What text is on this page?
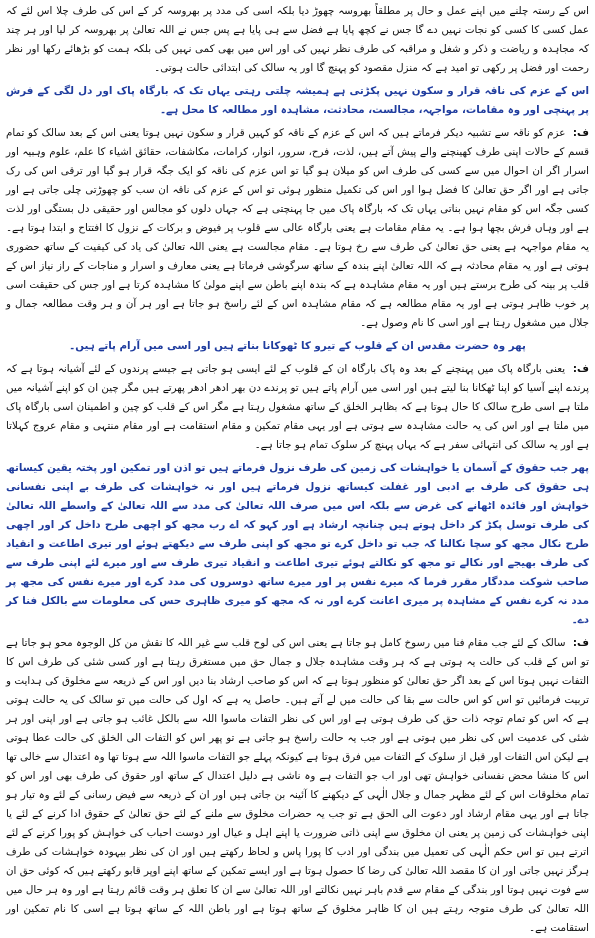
اس کے رستہ چلنے میں اپنے عمل و حال پر مطلقاً بھروسہ چھوڑ دیا بلکہ اسی کی مدد پر بھروسہ کر کے اس کی طرف چلا اس لئے کہ عمل کسی کا کسی کو نجات نہیں دے گا جس نے کچھ پایا ہے فضل سے ہی پایا ہے پس جس نے اللہ تعالیٰ پر بھروسہ کر لیا اور ہر چند کہ مجاہدہ و ریاضت و ذکر و شغل و مراقبہ کی طرف نظر نہیں کی اور اس میں بھی کمی نہیں کی بلکہ ہمت کو بڑھائے رکھا اور نظر رحمت اور فضل پر رکھی تو امید ہے کہ منزل مقصود کو پہنچ گا اور یہ سالک کی ابتدائی حالت ہوتی۔

اس کے عزم کی ناقہ قرار و سکون نہیں پکڑتی ہے ہمیشہ چلتی رہتی یہاں تک کہ بارگاہ پاک اور دل لگی کے فرش پر پہنچی اور وہ مقامات، مواجہہ، مجالست، محادثت، مشاہدہ اور مطالعہ کا محل ہے۔

ف: عزم کو ناقہ سے تشبیہ دیکر فرماتے ہیں کہ اس کے عزم کے ناقہ کو کہیں قرار و سکون نہیں ہوتا یعنی اس کے بعد سالک کو تمام قسم کے حالات اپنی طرف کھینچنے والے پیش آتے ہیں، لذت، فرح، سرور، انوار، کرامات، مکاشفات، حقائق اشیاء کا علم، علوم وہبیہ اور اسرار اگر ان احوال میں سے کسی کی طرف اس کو میلان ہو گیا تو اس عزم کی ناقہ کو ایک جگہ قرار ہو گیا اور ترقی اس کی رک جاتی ہے اور اگر حق تعالیٰ کا فضل ہوا اور اس کی تکمیل منظور ہوئی تو اس کے عزم کی ناقہ ان سب کو چھوڑتی چلی جاتی ہے اور کسی جگہ اس کو مقام نہیں بناتی یہاں تک کہ بارگاہ پاک میں جا پہنچتی ہے کہ جہاں دلوں کو مجالس اور حقیقی دل بستگی اور لذت ہے اور وہاں فرش بچھا ہوا ہے۔ یہ مقام مقامات ہے یعنی بارگاہ عالی سے قلوب پر فیوض و برکات کے نزول کا افتتاح و ابتدا ہوتا ہے۔ یہ مقام مواجہہ ہے یعنی حق تعالیٰ کی طرف سے رخ ہوتا ہے۔ مقام مجالست ہے یعنی اللہ تعالیٰ کی یاد کی کیفیت کے ساتھ حضوری ہوتی ہے اور یہ مقام محادثہ ہے کہ اللہ تعالیٰ اپنے بندہ کے ساتھ سرگوشی فرماتا ہے یعنی معارف و اسرار و مناجات کے راز نیاز اس کے قلب پر بینہ کی طرح برستے ہیں اور یہ مقام مشاہدہ ہے کہ بندہ اپنے باطن سے اپنے مولیٰ کا مشاہدہ کرتا ہے اور جس کی حقیقت اسی پر خوب ظاہر ہوتی ہے اور یہ مقام مطالعہ ہے کہ مقام مشاہدہ اس کے لئے راسخ ہو جاتا ہے اور ہر آن و ہر وقت مطالعہ جمال و جلال میں مشغول رہتا ہے اور اسی کا نام وصول ہے۔

پھر وہ حضرت مقدس ان کے قلوب کے تیرو کا ٹھوکانا بناتے ہیں اور اسی میں آرام پاتے ہیں۔

ف: یعنی بارگاہ پاک میں پہنچنے کے بعد وہ پاک بارگاہ ان کے قلوب کے لئے ایسی ہو جاتی ہے جیسے پرندوں کے لئے آشیانہ ہوتا ہے کہ پرندے اپنے آسیا کو اپنا ٹھکانا بنا لیتے ہیں اور اسی میں آرام پاتے ہیں تو پرندے دن بھر ادھر ادھر پھرتے ہیں مگر چین ان کو اپنے آشیانہ میں ملتا ہے اسی طرح سالک کا حال ہوتا ہے کہ بظاہر الخلق کے ساتھ مشغول رہتا ہے مگر اس کے قلب کو چین و اطمینان اسی بارگاہ پاک میں ملتا ہے اور اس کی یہ حالت مشاہدہ سے ہوتی ہے اور یہی مقام تمکین و مقام استقامت ہے اور مقام منتہی و مقام عروج کہلاتا ہے اور یہ سالک کی انتہائی سفر ہے کہ یہاں پہنچ کر سلوک تمام ہو جاتا ہے۔

پھر جب حقوق کے آسمان یا خواہشات کی زمین کی طرف نزول فرماتے ہیں تو اذن اور تمکین اور پختہ یقین کیساتھ ہی حقوق کی طرف بے ادبی اور غفلت کیساتھ نزول فرماتے ہیں اور نہ خواہشات کی طرف بے اپنی نفسانی خواہش اور فائدہ اٹھانے کی غرض سے بلکہ اس میں صرف اللہ تعالیٰ کی مدد سے اللہ تعالیٰ کے واسطے اللہ تعالیٰ کی طرف توسل پکڑ کر داخل ہوتے ہیں چنانچہ ارشاد ہے اور کہو کہ اے رب مجھ کو اچھی طرح داخل کر اور اچھی طرح نکال مجھ کو سچا نکالنا کہ جب تو داخل کرے تو مجھ کو اپنی طرف سے دیکھتے ہوئے اور تیری اطاعت و انقیاد کی طرف بھیجے اور نکالے تو مجھ کو نکالتے ہوئے تیری اطاعت و انقیاد تیری طرف سے اور میرے لئے اپنی طرف سے صاحب شوکت مددگار مقرر فرما کہ میرے نفس پر اور میرے ساتھ دوسروں کی مدد کرے اور میرے نفس کی مجھ پر مدد نہ کرے نفس کے مشاہدہ پر میری اعانت کرے اور نہ کہ مجھ کو میری ظاہری حس کی معلومات سے بالکل فنا کر دے۔

ف: سالک کے لئے جب مقام فنا میں رسوخ کامل ہو جاتا ہے یعنی اس کی لوح قلب سے غیر اللہ کا نقش من کل الوجوہ محو ہو جاتا ہے تو اس کے قلب کی حالت یہ ہوتی ہے کہ ہر وقت مشاہدہ جلال و جمال حق میں مستغرق رہتا ہے اور کسی شئی کی طرف اس کا التفات نہیں ہوتا اس کے بعد اگر حق تعالیٰ کو منظور ہوتا ہے کہ اس کو صاحب ارشاد بنا دیں اور اس کے ذریعہ سے مخلوق کی ہدایت و تربیت فرمائیں تو اس کو اس حالت سے بقا کی حالت میں لے آتے ہیں۔ حاصل یہ ہے کہ اول کی حالت میں تو سالک کی یہ حالت ہوتی ہے کہ اس کو تمام توجہ ذات حق کی طرف ہوتی ہے اور اس کی نظر التفات ماسوا اللہ سے بالکل غائب ہو جاتی ہے اور اپنی اور ہر شئی کی عدمیت اس کی نظر میں ہوتی ہے اور جب یہ حالت راسخ ہو جاتی ہے تو پھر اس کو التفات الی الخلق کی حالت عطا ہوتی ہے لیکن اس التفات اور قبل از سلوک کے التفات میں فرق ہوتا ہے کیونکہ پہلے جو التفات ماسوا اللہ سے ہوتا تھا وہ اعتدال سے خالی تھا اس کا منشا محض نفسانی خواہش تھی اور اب جو التفات ہے وہ ناشی ہے دلیل اعتدال کے ساتھ اور حقوق کی طرف بھی اور اس کو تمام مخلوقات اس کے لئے مظہر جمال و جلال الٰہی کے دیکھنے کا آئینہ بن جاتی ہیں اور ان کے ذریعہ سے فیض رسانی کے لئے وہ تیار ہو جاتا ہے اور یہی مقام ارشاد اور دعوت الی الحق ہے تو جب یہ حضرات مخلوق سے ملنے کے لئے حق تعالیٰ کے حقوق ادا کرنے کے لئے یا اپنی خواہشات کی زمین پر یعنی ان مخلوق سے اپنی ذاتی ضرورت یا اپنے اہل و عیال اور دوست احباب کی خواہش کو پورا کرنے کے لئے اترتے ہیں تو اس حکم الٰہی کی تعمیل میں بندگی اور ادب کا پورا پاس و لحاظ رکھتے ہیں اور ان کی نظر بیہودہ خواہشات کی طرف ہرگز نہیں جاتی اور ان کا مقصد اللہ تعالیٰ کی رضا کا حصول ہوتا ہے اور ایسے تمکین کے ساتھ اپنے اوپر قابو رکھتے ہیں کہ کوئی حق ان سے فوت نہیں ہوتا اور بندگی کے مقام سے قدم باہر نہیں نکالتے اور اللہ تعالیٰ سے ان کا تعلق ہر وقت قائم رہتا ہے اور وہ ہر حال میں اللہ تعالیٰ کی طرف متوجہ رہتے ہیں ان کا ظاہر مخلوق کے ساتھ ہوتا ہے اور باطن اللہ کے ساتھ ہوتا ہے اسی کا نام تمکین اور استقامت ہے۔
